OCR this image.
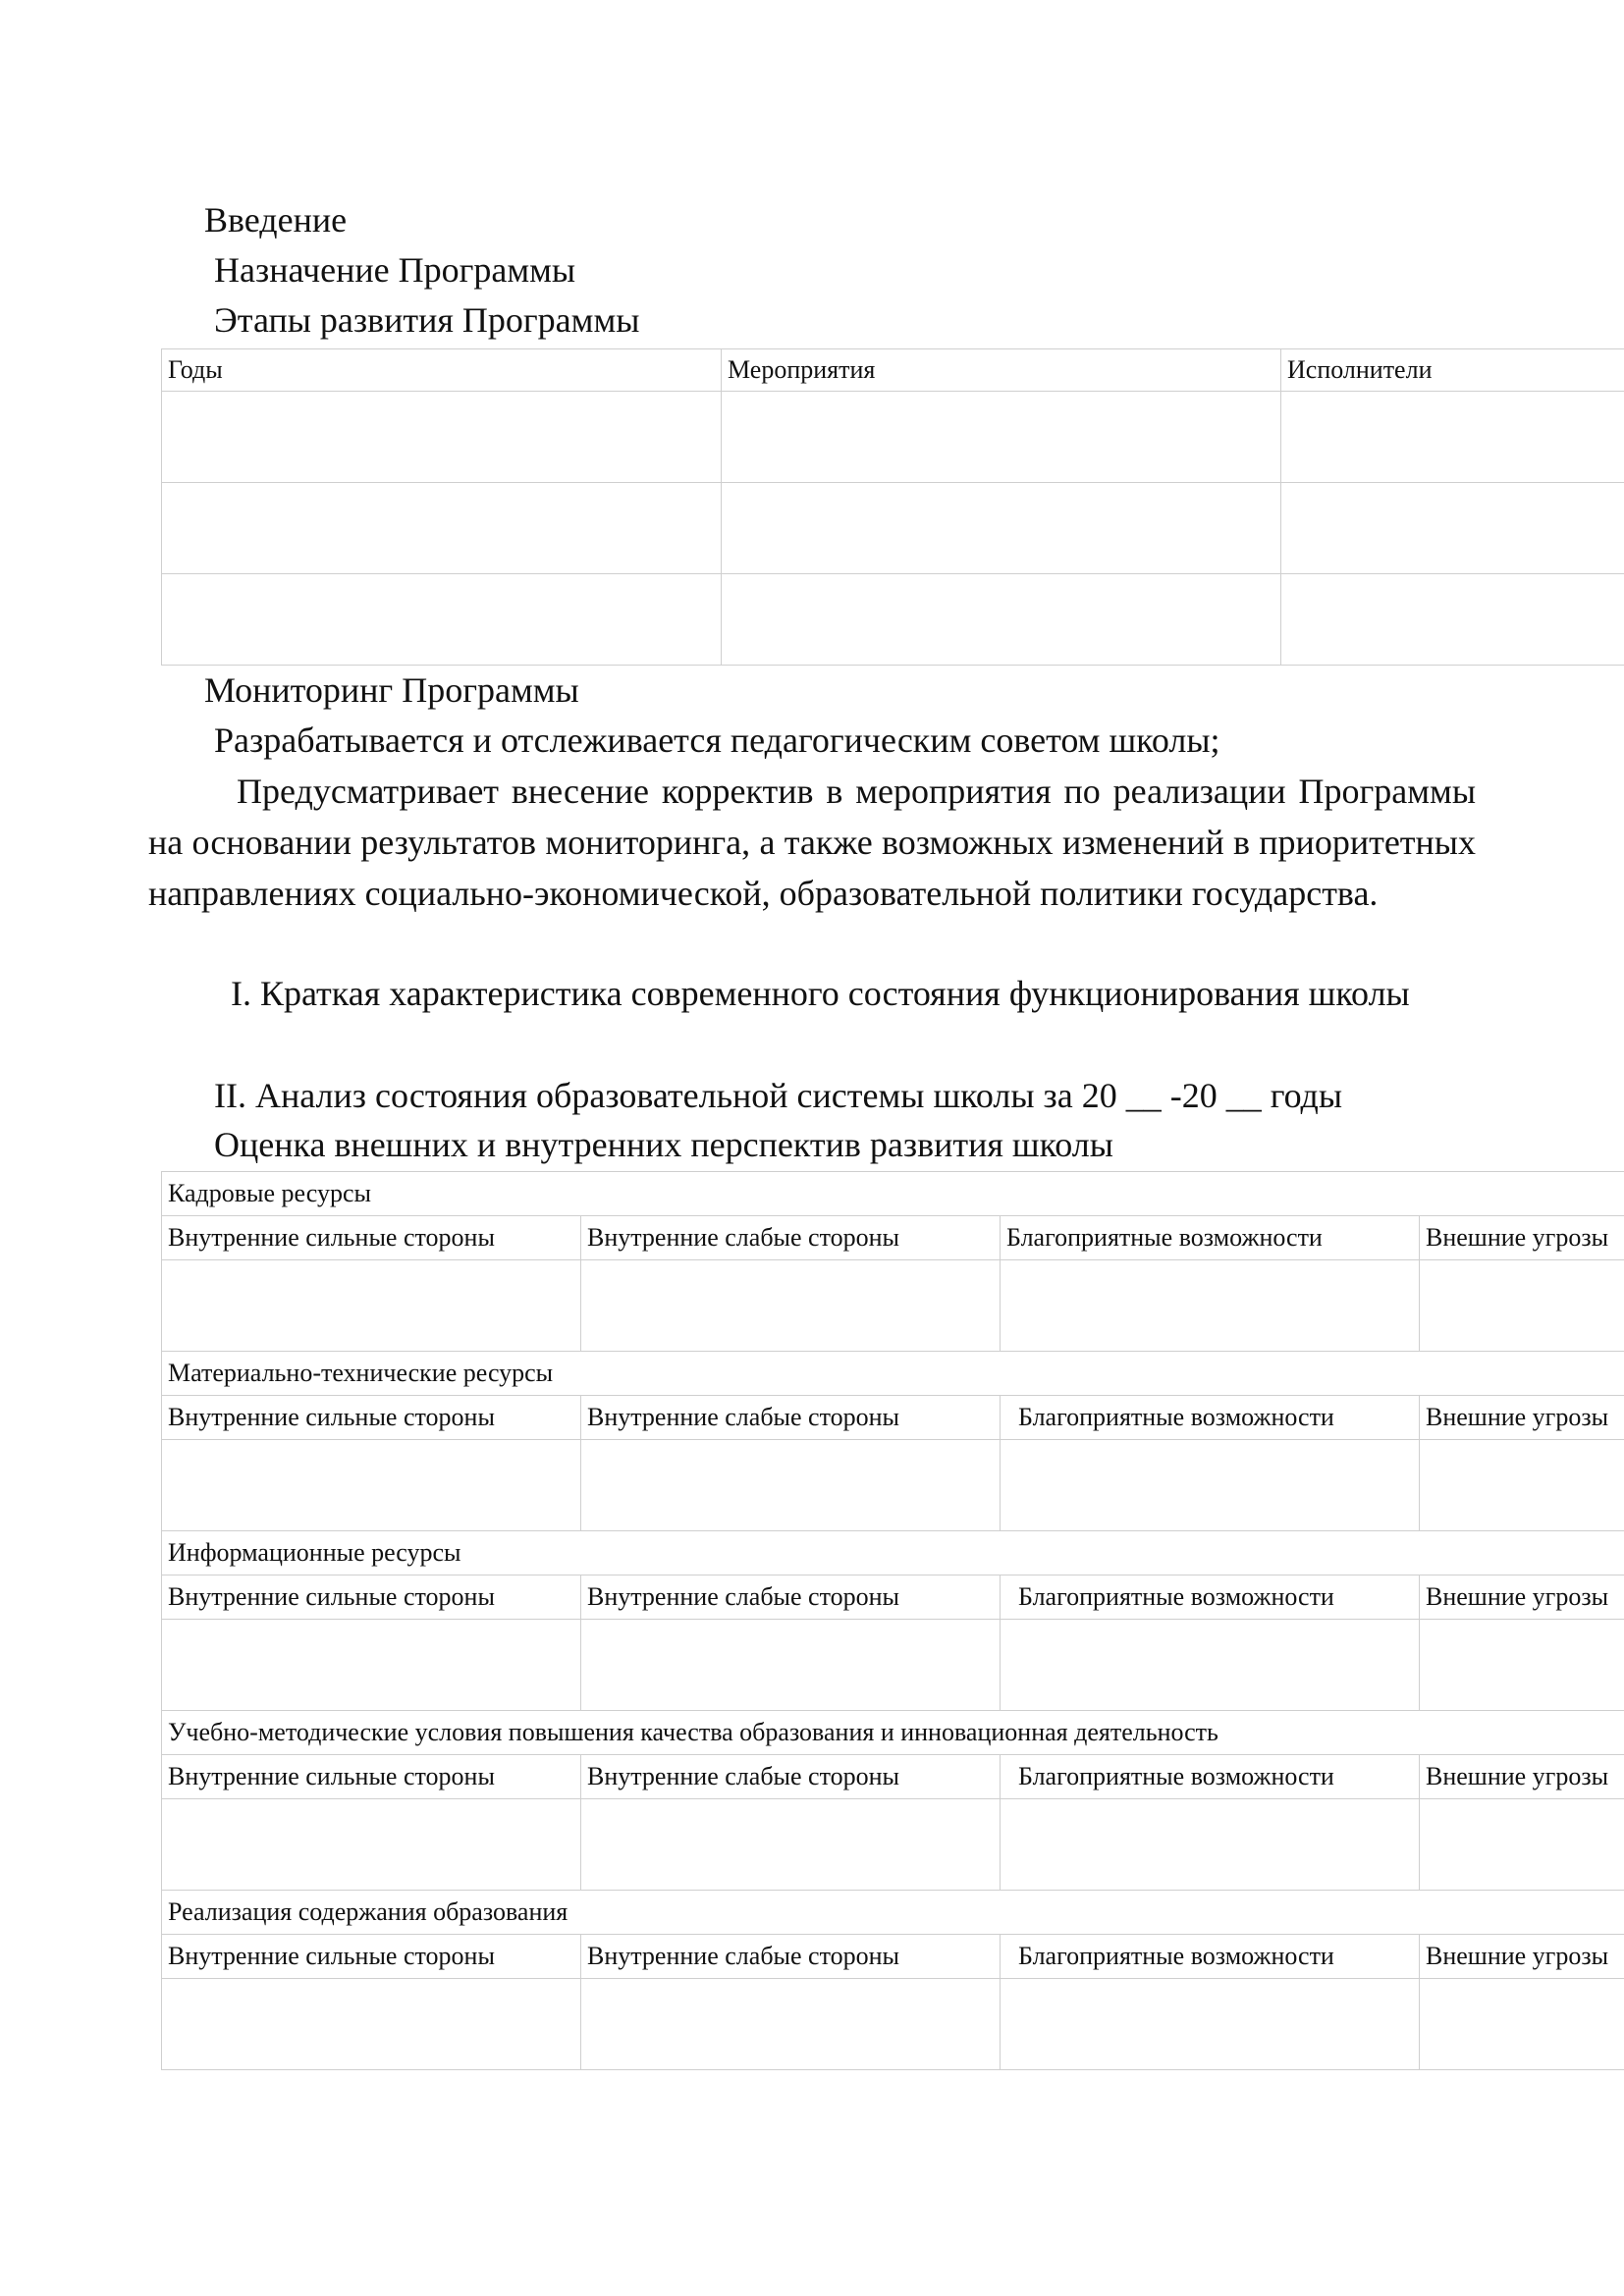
Введение
Назначение Программы
Этапы развития Программы
Годы	Мероприятия	Исполнители

Мониторинг Программы
Разрабатывается и отслеживается педагогическим советом школы;
Предусматривает внесение корректив в мероприятия по реализации Программы на основании результатов мониторинга, а также возможных изменений в приоритетных направлениях социально-экономической, образовательной политики государства.
I. Краткая характеристика современного состояния функционирования школы
II. Анализ состояния образовательной системы школы за 20 __ -20 __ годы
Оценка внешних и внутренних перспектив развития школы
Кадровые ресурсы			
Внутренние сильные стороны	Внутренние слабые стороны	Благоприятные возможности	Внешние угрозы

Материально-технические ресурсы			
Внутренние сильные стороны	Внутренние слабые стороны	Благоприятные возможности	Внешние угрозы

Информационные ресурсы			
Внутренние сильные стороны	Внутренние слабые стороны	Благоприятные возможности	Внешние угрозы

Учебно-методические условия повышения качества образования и инновационная деятельность			
Внутренние сильные стороны	Внутренние слабые стороны	Благоприятные возможности	Внешние угрозы

Реализация содержания образования			
Внутренние сильные стороны	Внутренние слабые стороны	Благоприятные возможности	Внешние угрозы
